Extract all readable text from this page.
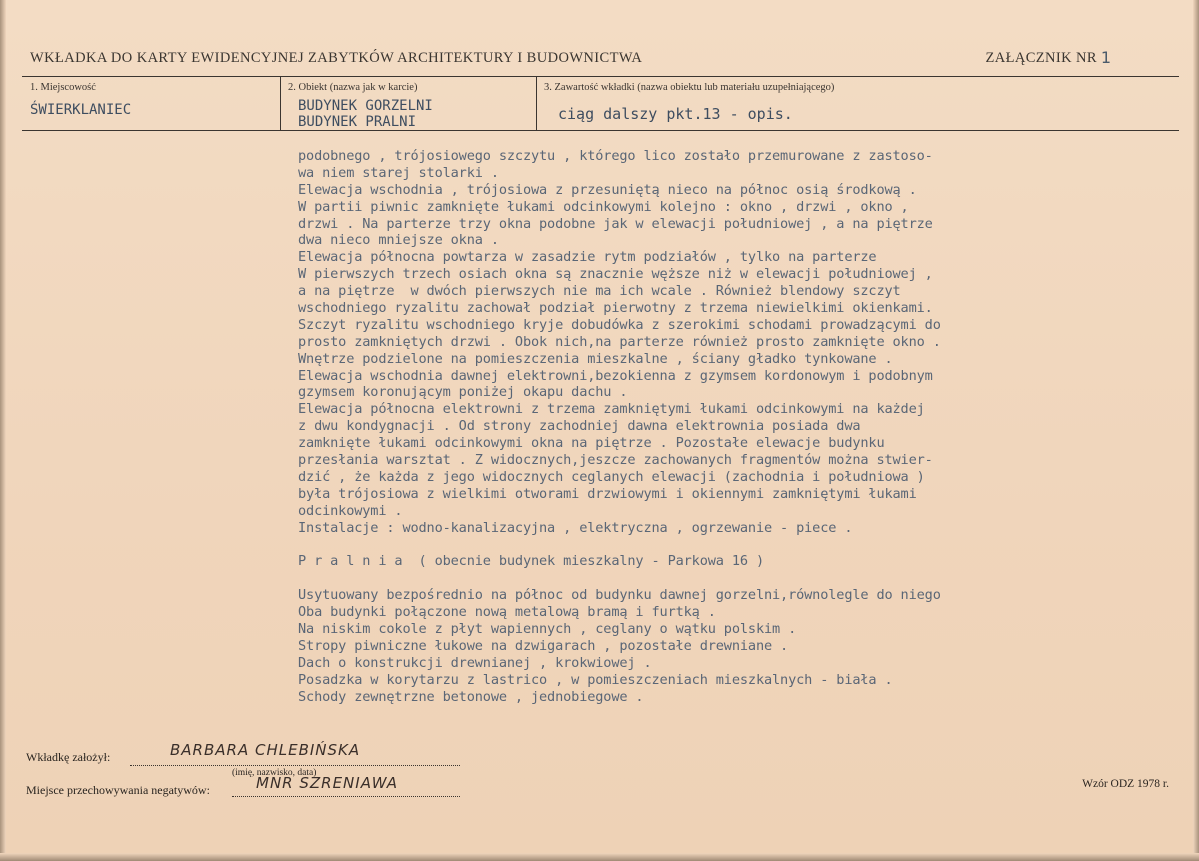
WKŁADKA DO KARTY EWIDENCYJNEJ ZABYTKÓW ARCHITEKTURY I BUDOWNICTWA	ZAŁĄCZNIK NR 1
1. Miejscowość
ŚWIERKLANIEC
2. Obiekt (nazwa jak w karcie)
BUDYNEK GORZELNI
BUDYNEK PRALNI
3. Zawartość wkładki (nazwa obiektu lub materiału uzupełniającego)
ciąg dalszy pkt.13 - opis.
podobnego , trójosiowego szczytu , którego lico zostało przemurowane z zastoso-
wa niem starej stolarki .
Elewacja wschodnia , trójosiowa z przesuniętą nieco na północ osią środkową .
W partii piwnic zamknięte łukami odcinkowymi kolejno : okno , drzwi , okno ,
drzwi . Na parterze trzy okna podobne jak w elewacji południowej , a na piętrze
dwa nieco mniejsze okna .
Elewacja północna powtarza w zasadzie rytm podziałów , tylko na parterze
W pierwszych trzech osiach okna są znacznie węższe niż w elewacji południowej ,
a na piętrze  w dwóch pierwszych nie ma ich wcale . Również blendowy szczyt
wschodniego ryzalitu zachował podział pierwotny z trzema niewielkimi okienkami.
Szczyt ryzalitu wschodniego kryje dobudówka z szerokimi schodami prowadzącymi do
prosto zamkniętych drzwi . Obok nich,na parterze również prosto zamknięte okno .
Wnętrze podzielone na pomieszczenia mieszkalne , ściany gładko tynkowane .
Elewacja wschodnia dawnej elektrowni,bezokienna z gzymsem kordonowym i podobnym
gzymsem koronującym poniżej okapu dachu .
Elewacja północna elektrowni z trzema zamkniętymi łukami odcinkowymi na każdej
z dwu kondygnacji . Od strony zachodniej dawna elektrownia posiada dwa
zamknięte łukami odcinkowymi okna na piętrze . Pozostałe elewacje budynku
przesłania warsztat . Z widocznych,jeszcze zachowanych fragmentów można stwier-
dzić , że każda z jego widocznych ceglanych elewacji (zachodnia i południowa )
była trójosiowa z wielkimi otworami drzwiowymi i okiennymi zamkniętymi łukami
odcinkowymi .
Instalacje : wodno-kanalizacyjna , elektryczna , ogrzewanie - piece .
P r a l n i a  ( obecnie budynek mieszkalny - Parkowa 16 )
Usytuowany bezpośrednio na północ od budynku dawnej gorzelni,równolegle do niego
Oba budynki połączone nową metalową bramą i furtką .
Na niskim cokole z płyt wapiennych , ceglany o wątku polskim .
Stropy piwniczne łukowe na dzwigarach , pozostałe drewniane .
Dach o konstrukcji drewnianej , krokwiowej .
Posadzka w korytarzu z lastrico , w pomieszczeniach mieszkalnych - biała .
Schody zewnętrzne betonowe , jednobiegowe .
Wkładkę założył:	BARBARA CHLEBIŃSKA
(imię, nazwisko, data)
Miejsce przechowywania negatywów:	MNR SZRENIAWA	Wzór ODZ 1978 r.
